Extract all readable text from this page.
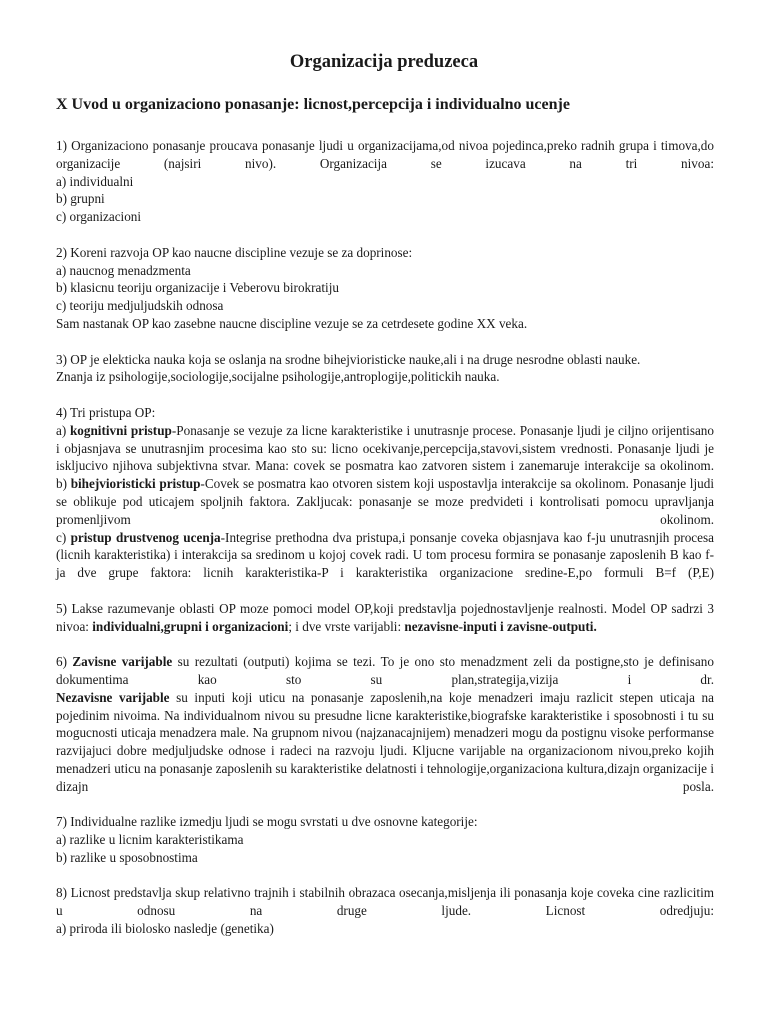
Organizacija preduzeca
X Uvod u organizaciono ponasanje: licnost,percepcija i individualno ucenje

1) Organizaciono ponasanje proucava ponasanje ljudi u organizacijama,od nivoa pojedinca,preko radnih grupa i timova,do organizacije (najsiri nivo). Organizacija se izucava na tri nivoa:
a) individualni
b) grupni
c) organizacioni

2) Koreni razvoja OP kao naucne discipline vezuje se za doprinose:
a) naucnog menadzmenta
b) klasicnu teoriju organizacije i Veberovu birokratiju
c) teoriju medjuljudskih odnosa
Sam nastanak OP kao zasebne naucne discipline vezuje se za cetrdesete godine XX veka.

3) OP je elekticka nauka koja se oslanja na srodne bihejvioristicke nauke,ali i na druge nesrodne oblasti nauke.
Znanja iz psihologije,sociologije,socijalne psihologije,antroplogije,politickih nauka.

4) Tri pristupa OP:
a) kognitivni pristup-Ponasanje se vezuje za licne karakteristike i unutrasnje procese. Ponasanje ljudi je ciljno orijentisano i objasnjava se unutrasnjim procesima kao sto su: licno ocekivanje,percepcija,stavovi,sistem vrednosti. Ponasanje ljudi je iskljucivo njihova subjektivna stvar. Mana: covek se posmatra kao zatvoren sistem i zanemaruje interakcije sa okolinom.
b) bihejvioristicki pristup-Covek se posmatra kao otvoren sistem koji uspostavlja interakcije sa okolinom. Ponasanje ljudi se oblikuje pod uticajem spoljnih faktora. Zakljucak: ponasanje se moze predvideti i kontrolisati pomocu upravljanja promenljivom okolinom.
c) pristup drustvenog ucenja-Integrise prethodna dva pristupa,i ponsanje coveka objasnjava kao f-ju unutrasnjih procesa (licnih karakteristika) i interakcija sa sredinom u kojoj covek radi. U tom procesu formira se ponasanje zaposlenih B kao f-ja dve grupe faktora: licnih karakteristika-P i karakteristika organizacione sredine-E,po formuli B=f (P,E)

5) Lakse razumevanje oblasti OP moze pomoci model OP,koji predstavlja pojednostavljenje realnosti. Model OP sadrzi 3 nivoa: individualni,grupni i organizacioni; i dve vrste varijabli: nezavisne-inputi i zavisne-outputi.

6) Zavisne varijable su rezultati (outputi) kojima se tezi. To je ono sto menadzment zeli da postigne,sto je definisano dokumentima kao sto su plan,strategija,vizija i dr.
Nezavisne varijable su inputi koji uticu na ponasanje zaposlenih,na koje menadzeri imaju razlicit stepen uticaja na pojedinim nivoima. Na individualnom nivou su presudne licne karakteristike,biografske karakteristike i sposobnosti i tu su mogucnosti uticaja menadzera male. Na grupnom nivou (najzanacajnijem) menadzeri mogu da postignu visoke performanse razvijajuci dobre medjuljudske odnose i radeci na razvoju ljudi. Kljucne varijable na organizacionom nivou,preko kojih menadzeri uticu na ponasanje zaposlenih su karakteristike delatnosti i tehnologije,organizaciona kultura,dizajn organizacije i dizajn posla.

7) Individualne razlike izmedju ljudi se mogu svrstati u dve osnovne kategorije:
a) razlike u licnim karakteristikama
b) razlike u sposobnostima

8) Licnost predstavlja skup relativno trajnih i stabilnih obrazaca osecanja,misljenja ili ponasanja koje coveka cine razlicitim u odnosu na druge ljude. Licnost odredjuju:
a) priroda ili biolosko nasledje (genetika)
